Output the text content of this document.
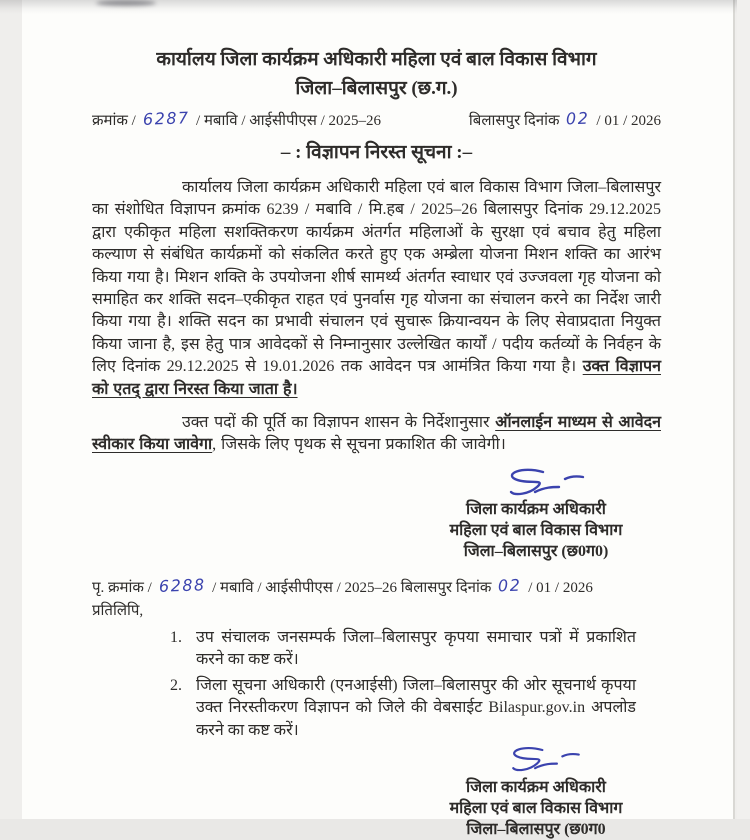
कार्यालय जिला कार्यक्रम अधिकारी महिला एवं बाल विकास विभाग
जिला–बिलासपुर (छ.ग.)
क्रमांक / 6287 / मबावि / आईसीपीएस / 2025–26	बिलासपुर दिनांक 02 / 01 / 2026
– : विज्ञापन निरस्त सूचना :–

कार्यालय जिला कार्यक्रम अधिकारी महिला एवं बाल विकास विभाग जिला–बिलासपुर का संशोधित विज्ञापन क्रमांक 6239 / मबावि / मि.हब / 2025–26 बिलासपुर दिनांक 29.12.2025 द्वारा एकीकृत महिला सशक्तिकरण कार्यक्रम अंतर्गत महिलाओं के सुरक्षा एवं बचाव हेतु महिला कल्याण से संबंधित कार्यक्रमों को संकलित करते हुए एक अम्ब्रेला योजना मिशन शक्ति का आरंभ किया गया है। मिशन शक्ति के उपयोजना शीर्ष सामर्थ्य अंतर्गत स्वाधार एवं उज्जवला गृह योजना को समाहित कर शक्ति सदन–एकीकृत राहत एवं पुनर्वास गृह योजना का संचालन करने का निर्देश जारी किया गया है। शक्ति सदन का प्रभावी संचालन एवं सुचारू क्रियान्वयन के लिए सेवाप्रदाता नियुक्त किया जाना है, इस हेतु पात्र आवेदकों से निम्नानुसार उल्लेखित कार्यों / पदीय कर्तव्यों के निर्वहन के लिए दिनांक 29.12.2025 से 19.01.2026 तक आवेदन पत्र आमंत्रित किया गया है। उक्त विज्ञापन को एतद् द्वारा निरस्त किया जाता है।

उक्त पदों की पूर्ति का विज्ञापन शासन के निर्देशानुसार ऑनलाईन माध्यम से आवेदन स्वीकार किया जावेगा, जिसके लिए पृथक से सूचना प्रकाशित की जावेगी।

जिला कार्यक्रम अधिकारी
महिला एवं बाल विकास विभाग
जिला–बिलासपुर (छ0ग0)
पृ. क्रमांक / 6288 / मबावि / आईसीपीएस / 2025–26 बिलासपुर दिनांक 02 / 01 / 2026
प्रतिलिपि,
उप संचालक जनसम्पर्क जिला–बिलासपुर कृपया समाचार पत्रों में प्रकाशित करने का कष्ट करें।
जिला सूचना अधिकारी (एनआईसी) जिला–बिलासपुर की ओर सूचनार्थ कृपया उक्त निरस्तीकरण विज्ञापन को जिले की वेबसाईट Bilaspur.gov.in अपलोड करने का कष्ट करें।
जिला कार्यक्रम अधिकारी
महिला एवं बाल विकास विभाग
जिला–बिलासपुर (छ0ग0
